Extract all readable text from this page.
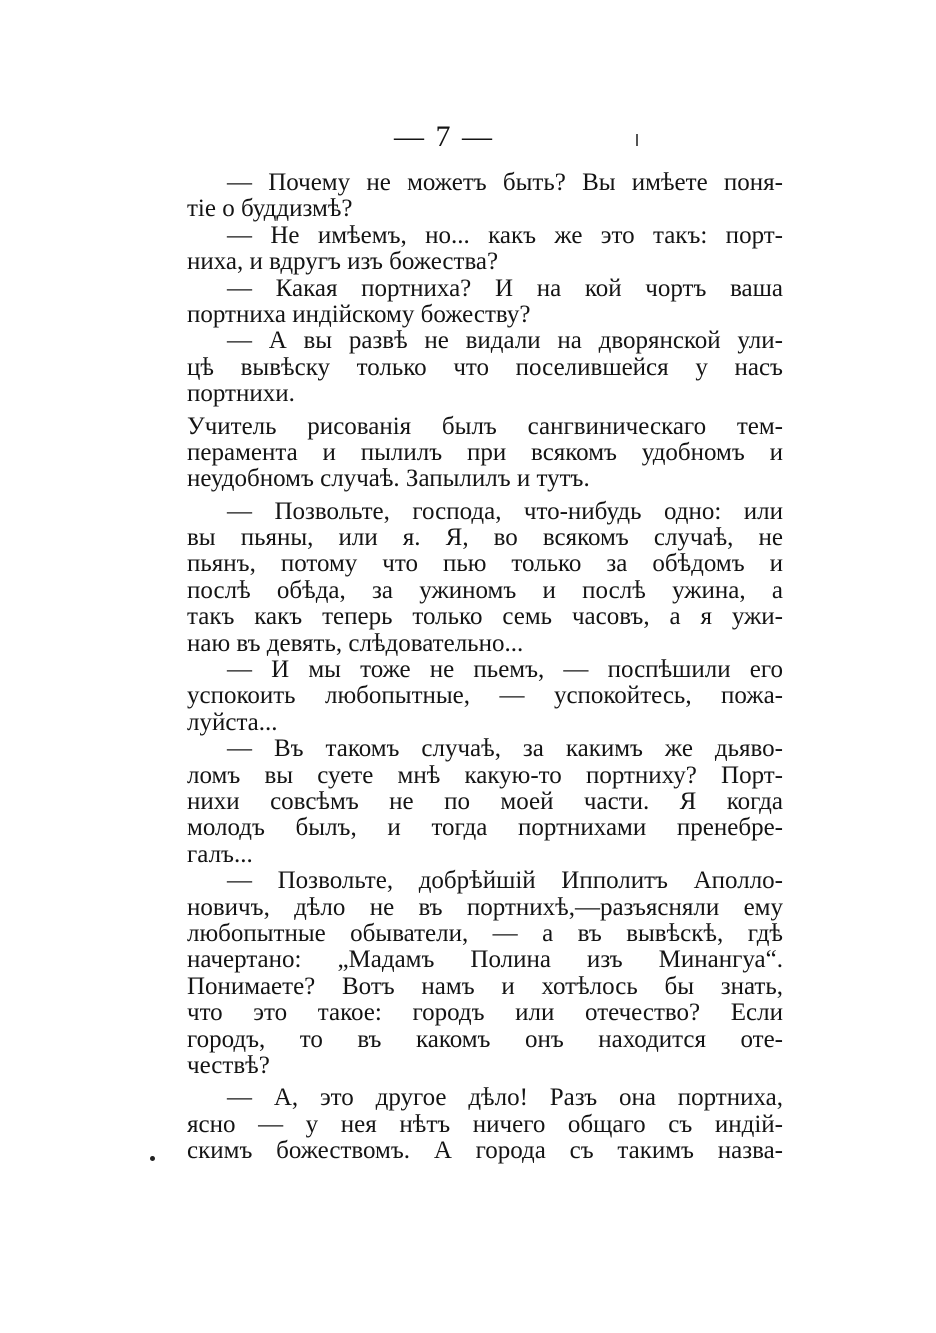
— 7 —
— Почему не можетъ быть? Вы имѣете поня-
тіе о буддизмѣ?
— Не имѣемъ, но... какъ же это такъ: порт-
ниха, и вдругъ изъ божества?
— Какая портниха? И на кой чортъ ваша
портниха индійскому божеству?
— А вы развѣ не видали на дворянской ули-
цѣ вывѣску только что поселившейся у насъ
портнихи.
Учитель рисованія былъ сангвиническаго тем-
перамента и пылилъ при всякомъ удобномъ и
неудобномъ случаѣ. Запылилъ и тутъ.
— Позвольте, господа, что-нибудь одно: или
вы пьяны, или я. Я, во всякомъ случаѣ, не
пьянъ, потому что пью только за обѣдомъ и
послѣ обѣда, за ужиномъ и послѣ ужина, а
такъ какъ теперь только семь часовъ, а я ужи-
наю въ девять, слѣдовательно...
— И мы тоже не пьемъ, — поспѣшили его
успокоить любопытные, — успокойтесь, пожа-
луйста...
— Въ такомъ случаѣ, за какимъ же дьяво-
ломъ вы суете мнѣ какую-то портниху? Порт-
нихи совсѣмъ не по моей части. Я когда
молодъ былъ, и тогда портнихами пренебре-
галъ...
— Позвольте, добрѣйшій Ипполитъ Аполло-
новичъ, дѣло не въ портнихѣ,—разъясняли ему
любопытные обыватели, — а въ вывѣскѣ, гдѣ
начертано: „Мадамъ Полина изъ Минангуа“.
Понимаете? Вотъ намъ и хотѣлось бы знать,
что это такое: городъ или отечество? Если
городъ, то въ какомъ онъ находится оте-
чествѣ?
— А, это другое дѣло! Разъ она портниха,
ясно — у нея нѣтъ ничего общаго съ индій-
скимъ божествомъ. А города съ такимъ назва-
